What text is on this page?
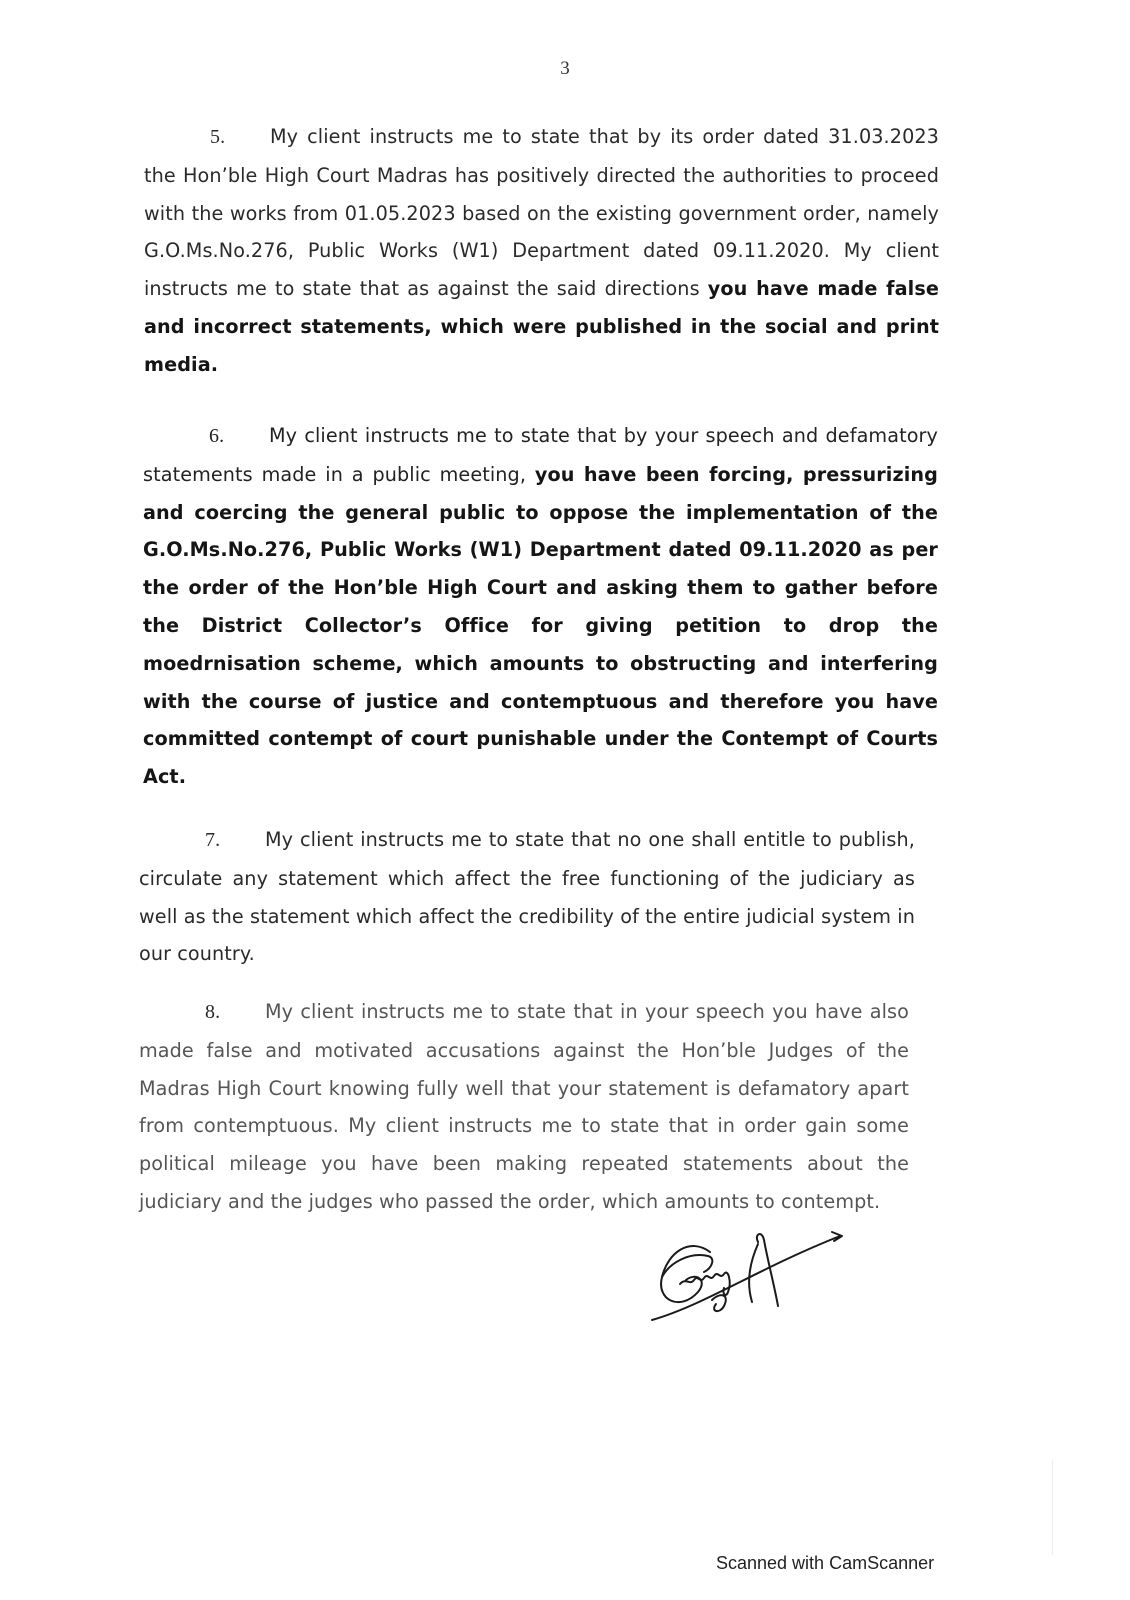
3
5. My client instructs me to state that by its order dated 31.03.2023 the Hon’ble High Court Madras has positively directed the authorities to proceed with the works from 01.05.2023 based on the existing government order, namely G.O.Ms.No.276, Public Works (W1) Department dated 09.11.2020. My client instructs me to state that as against the said directions you have made false and incorrect statements, which were published in the social and print media.
6. My client instructs me to state that by your speech and defamatory statements made in a public meeting, you have been forcing, pressurizing and coercing the general public to oppose the implementation of the G.O.Ms.No.276, Public Works (W1) Department dated 09.11.2020 as per the order of the Hon’ble High Court and asking them to gather before the District Collector’s Office for giving petition to drop the moedrnisation scheme, which amounts to obstructing and interfering with the course of justice and contemptuous and therefore you have committed contempt of court punishable under the Contempt of Courts Act.
7. My client instructs me to state that no one shall entitle to publish, circulate any statement which affect the free functioning of the judiciary as well as the statement which affect the credibility of the entire judicial system in our country.
8. My client instructs me to state that in your speech you have also made false and motivated accusations against the Hon’ble Judges of the Madras High Court knowing fully well that your statement is defamatory apart from contemptuous. My client instructs me to state that in order gain some political mileage you have been making repeated statements about the judiciary and the judges who passed the order, which amounts to contempt.
Scanned with CamScanner
